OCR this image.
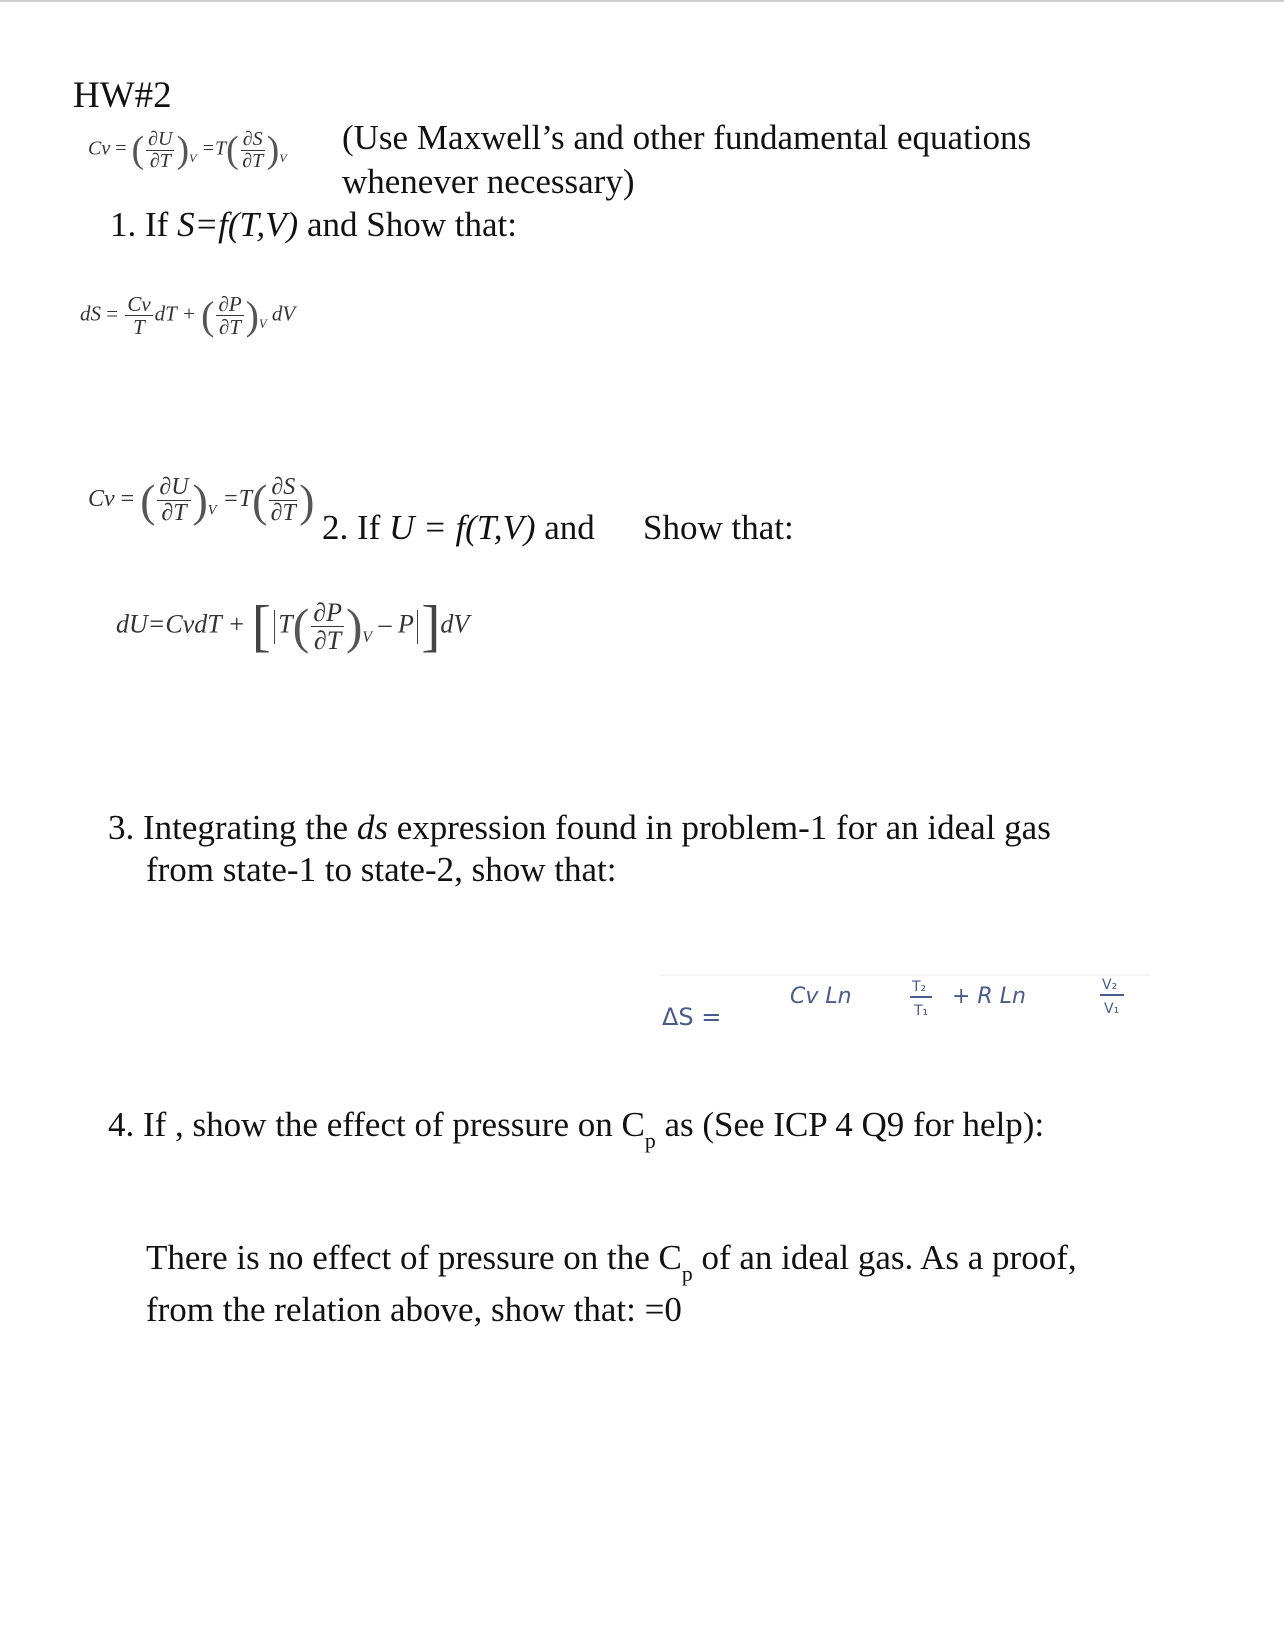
HW#2
Cv = ( $\frac{\partial U}{\partial T} )_V =T( \frac{\partial S}{\partial T} )_V$
(Use Maxwell’s and other fundamental equations
whenever necessary)
1. If S=f(T,V) and Show that:
dS = $\frac{Cv}{T}$ dT + ( $\frac{\partial P}{\partial T} )_V$ dV
Cv = ( $\frac{\partial U}{\partial T} )_V =T( \frac{\partial S}{\partial T}$ )
2. If U = f(T,V) and Show that:
dU=CvdT + [ $T( \frac{\partial P}{\partial T} )_V$ – P ]dV
3. Integrating the ds expression found in problem-1 for an ideal gas
from state-1 to state-2, show that:
ΔS =
Cv Ln	T₂
T₁
+ R Ln	V₂
V₁
4. If , show the effect of pressure on $C_p$ as (See ICP 4 Q9 for help):
There is no effect of pressure on the $C_p$ of an ideal gas. As a proof,
from the relation above, show that: =0
